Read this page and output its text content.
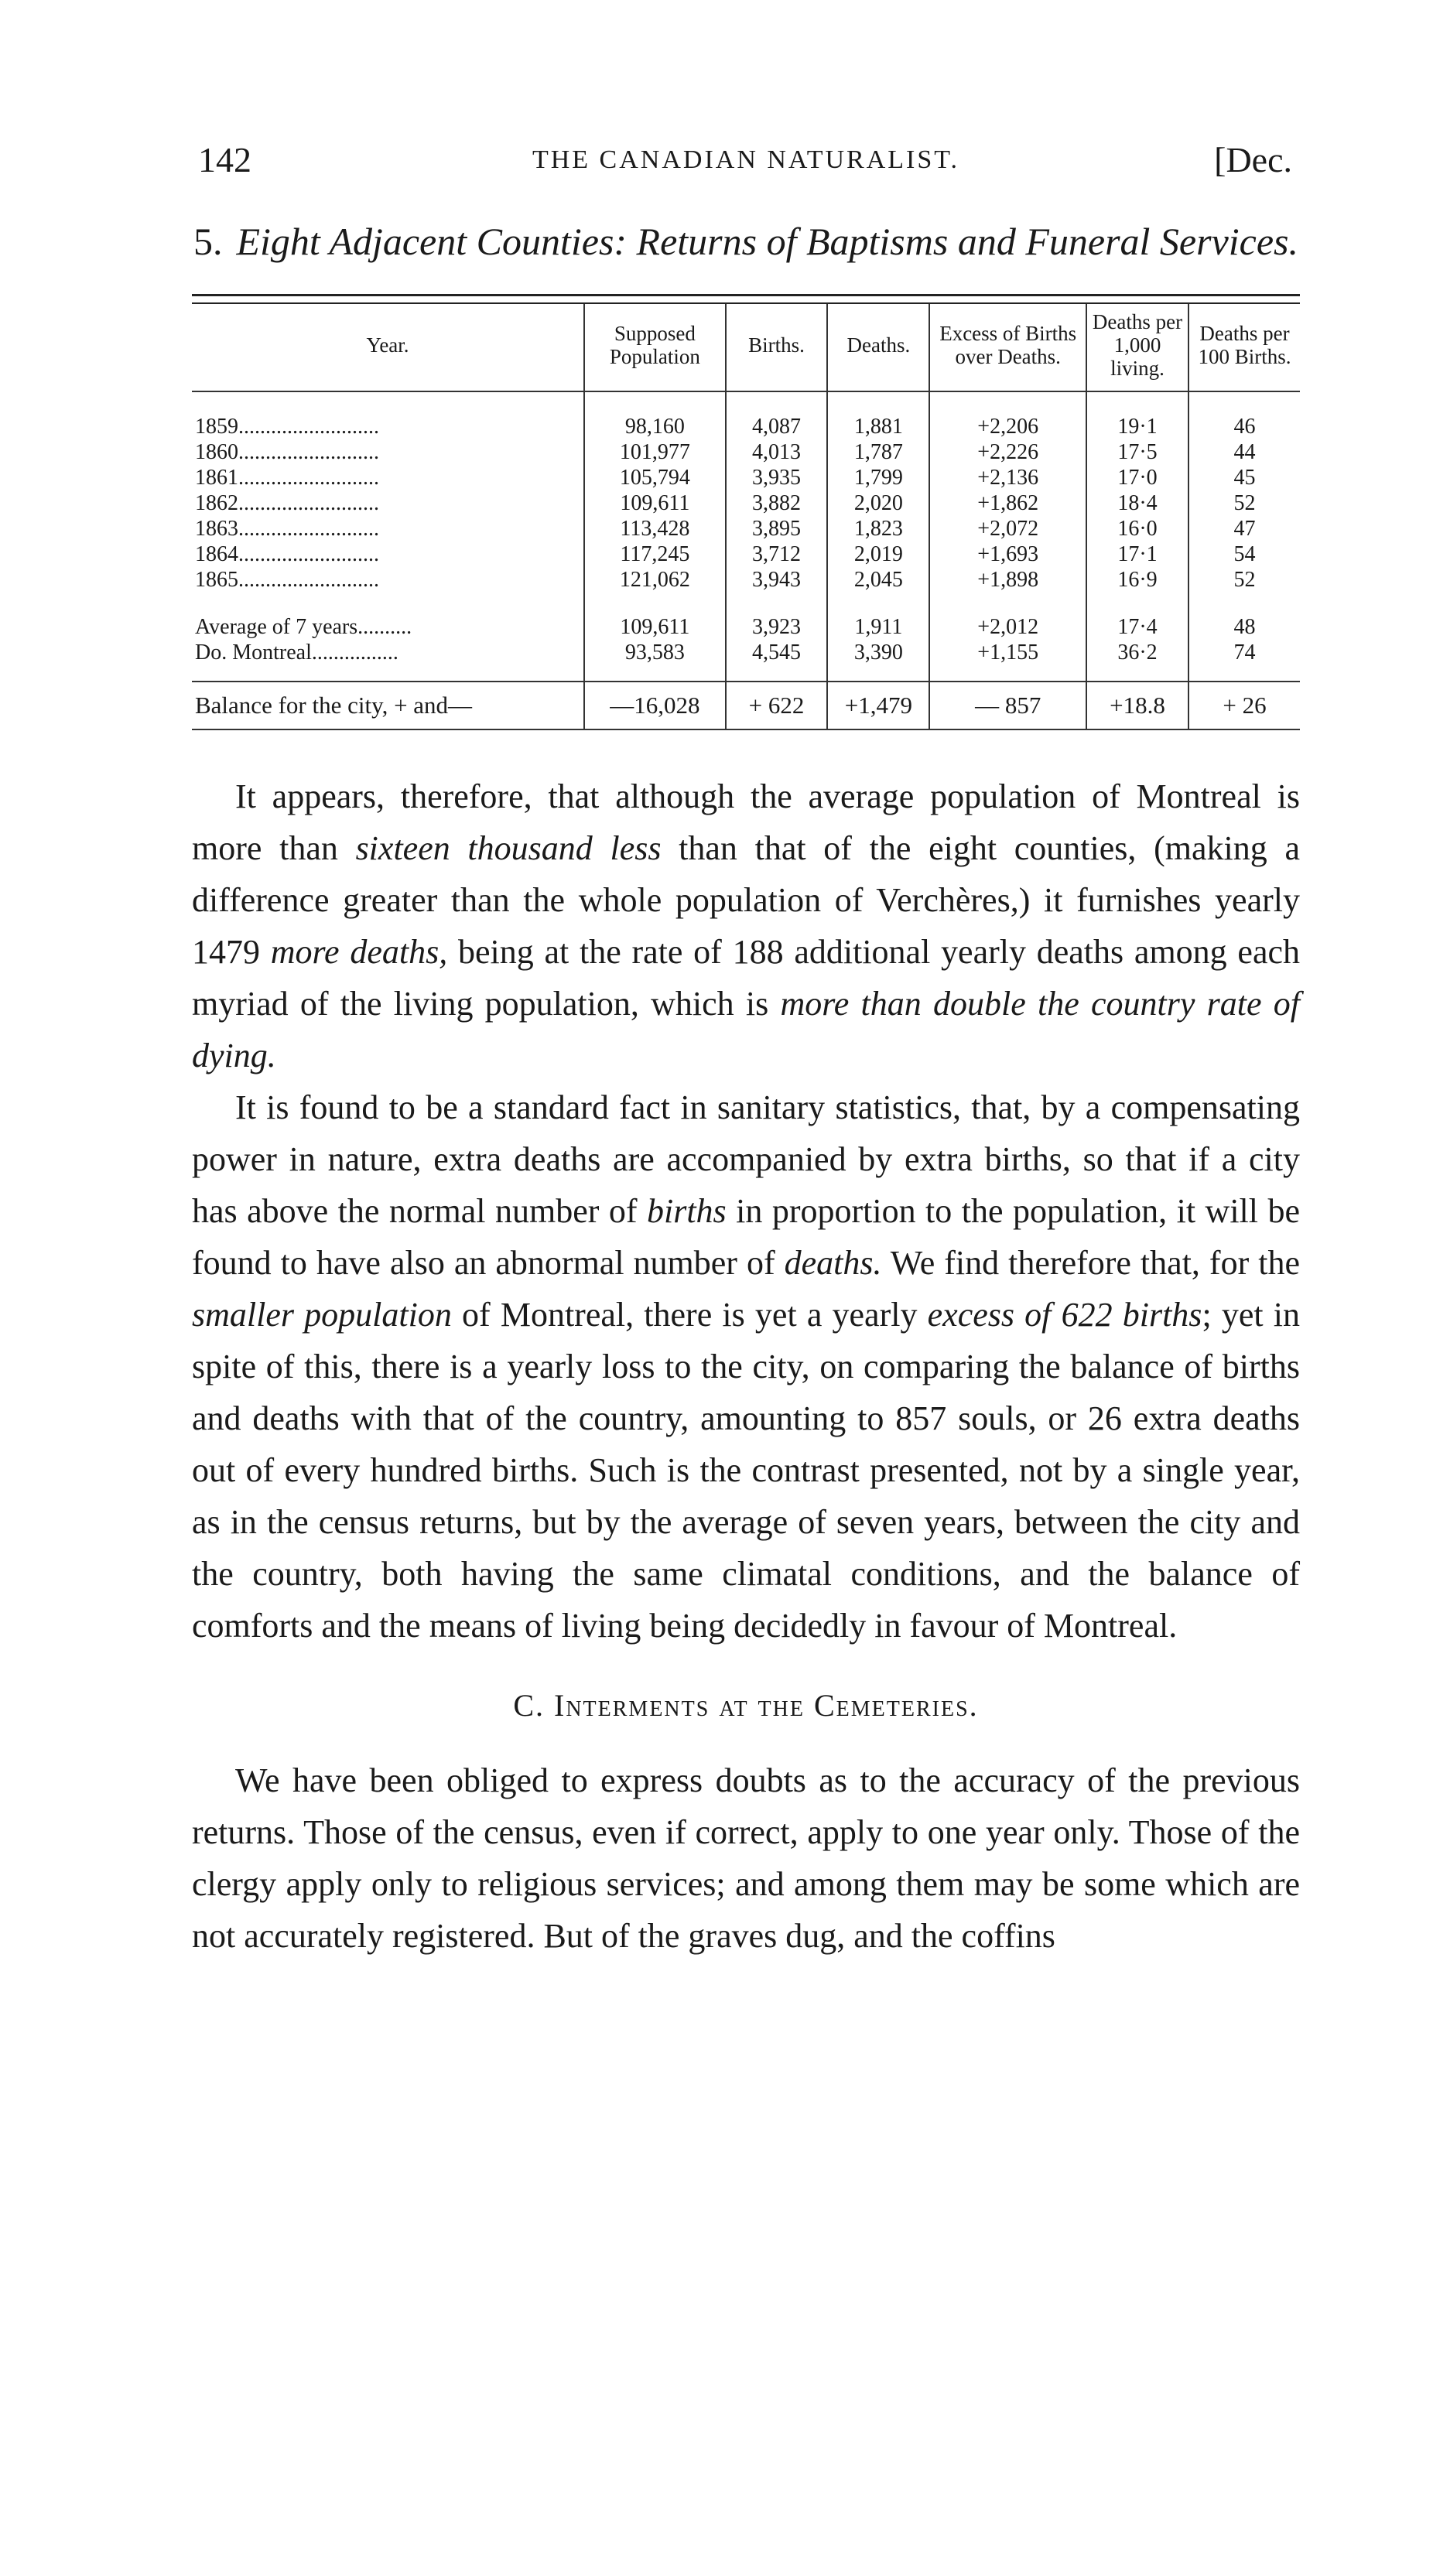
142	THE CANADIAN NATURALIST.	[Dec.
5. Eight Adjacent Counties: Returns of Baptisms and Funeral Services.
Year.	Supposed Population	Births.	Deaths.	Excess of Births over Deaths.	Deaths per 1,000 living.	Deaths per 100 Births.

1859..........................	98,160	4,087	1,881	+2,206	19·1	46
1860..........................	101,977	4,013	1,787	+2,226	17·5	44
1861..........................	105,794	3,935	1,799	+2,136	17·0	45
1862..........................	109,611	3,882	2,020	+1,862	18·4	52
1863..........................	113,428	3,895	1,823	+2,072	16·0	47
1864..........................	117,245	3,712	2,019	+1,693	17·1	54
1865..........................	121,062	3,943	2,045	+1,898	16·9	52

Average of 7 years..........	109,611	3,923	1,911	+2,012	17·4	48
Do. Montreal................	93,583	4,545	3,390	+1,155	36·2	74

Balance for the city, + and—	—16,028	+ 622	+1,479	— 857	+18.8	+ 26

It appears, therefore, that although the average population of Montreal is more than sixteen thousand less than that of the eight counties, (making a difference greater than the whole population of Verchères,) it furnishes yearly 1479 more deaths, being at the rate of 188 additional yearly deaths among each myriad of the living population, which is more than double the country rate of dying.

It is found to be a standard fact in sanitary statistics, that, by a compensating power in nature, extra deaths are accompanied by extra births, so that if a city has above the normal number of births in proportion to the population, it will be found to have also an abnormal number of deaths. We find therefore that, for the smaller population of Montreal, there is yet a yearly excess of 622 births; yet in spite of this, there is a yearly loss to the city, on comparing the balance of births and deaths with that of the country, amounting to 857 souls, or 26 extra deaths out of every hundred births. Such is the contrast presented, not by a single year, as in the census returns, but by the average of seven years, between the city and the country, both having the same climatal conditions, and the balance of comforts and the means of living being decidedly in favour of Montreal.

C. Interments at the Cemeteries.

We have been obliged to express doubts as to the accuracy of the previous returns. Those of the census, even if correct, apply to one year only. Those of the clergy apply only to religious services; and among them may be some which are not accurately registered. But of the graves dug, and the coffins
